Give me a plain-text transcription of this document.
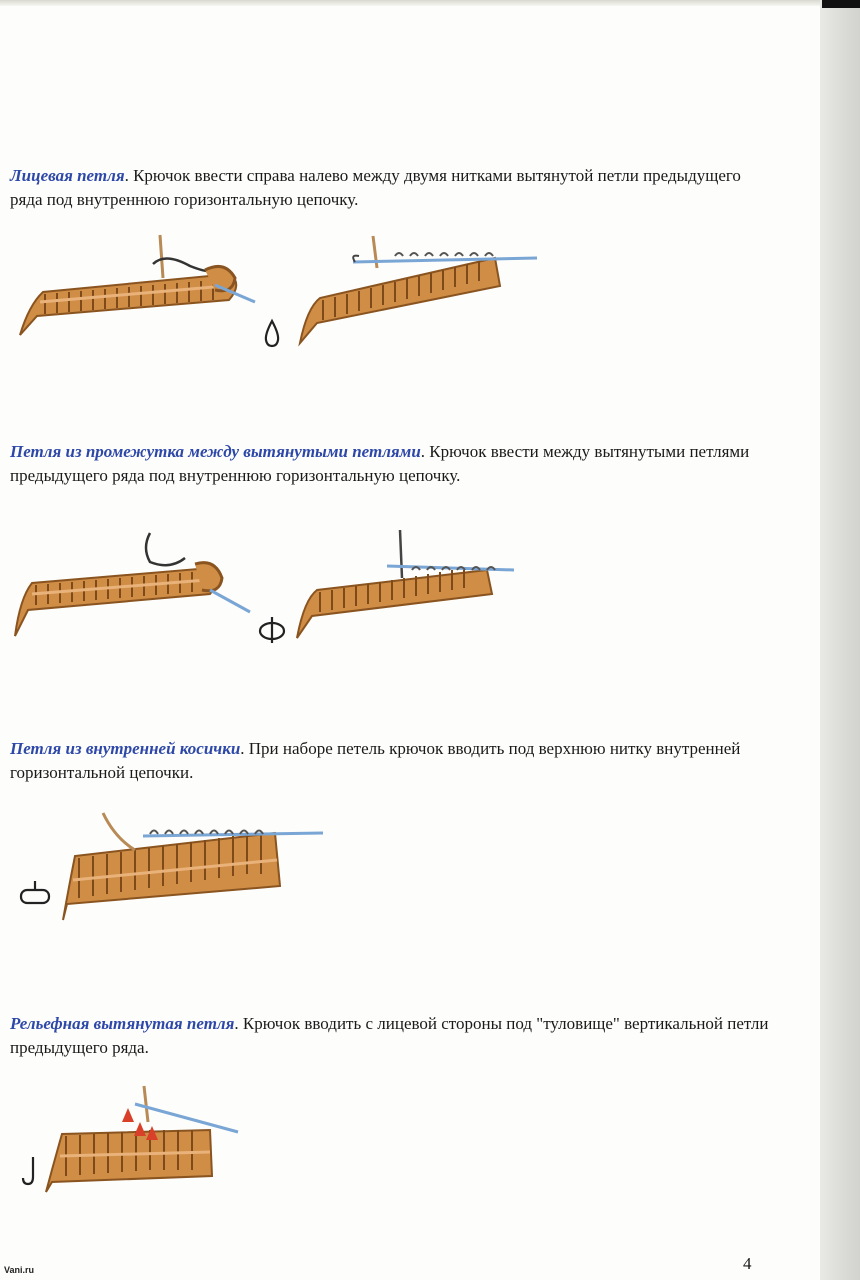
Лицевая петля. Крючок ввести справа налево между двумя нитками вытянутой петли предыдущего ряда под внутреннюю горизонтальную цепочку.

Петля из промежутка между вытянутыми петлями. Крючок ввести между вытянутыми петлями предыдущего ряда под внутреннюю горизонтальную цепочку.

Петля из внутренней косички. При наборе петель крючок вводить под верхнюю нитку внутренней горизонтальной цепочки.

Рельефная вытянутая петля. Крючок вводить с лицевой стороны под "туловище" вертикальной петли предыдущего ряда.

4
Vani.ru
